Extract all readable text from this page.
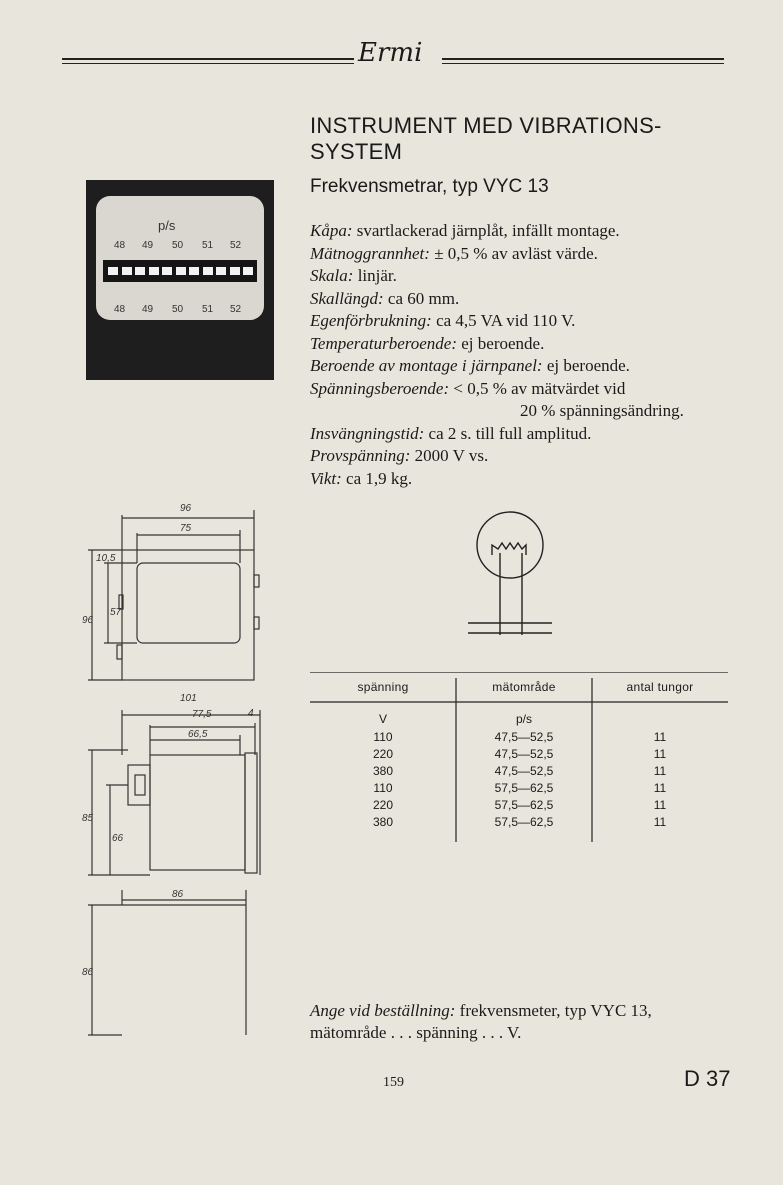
Ermi
INSTRUMENT MED VIBRATIONS-SYSTEM
Frekvensmetrar, typ VYC 13
p/s
48 49 50 51 52
48 49 50 51 52
Kåpa: svartlackerad järnplåt, infällt montage.
Mätnoggrannhet: ± 0,5 % av avläst värde.
Skala: linjär.
Skallängd: ca 60 mm.
Egenförbrukning: ca 4,5 VA vid 110 V.
Temperaturberoende: ej beroende.
Beroende av montage i järnpanel: ej beroende.
Spänningsberoende: < 0,5 % av mätvärdet vid
20 % spänningsändring.
Insvängningstid: ca 2 s. till full amplitud.
Provspänning: 2000 V vs.
Vikt: ca 1,9 kg.
96
75
10,5
57
96
101
77,5
66,5
4
85
66
86
86
spänning	mätområde	antal tungor
V	p/s
110	47,5—52,5	11
220	47,5—52,5	11
380	47,5—52,5	11
110	57,5—62,5	11
220	57,5—62,5	11
380	57,5—62,5	11
Ange vid beställning: frekvensmeter, typ VYC 13,
mätområde . . . spänning . . . V.
159	D 37
